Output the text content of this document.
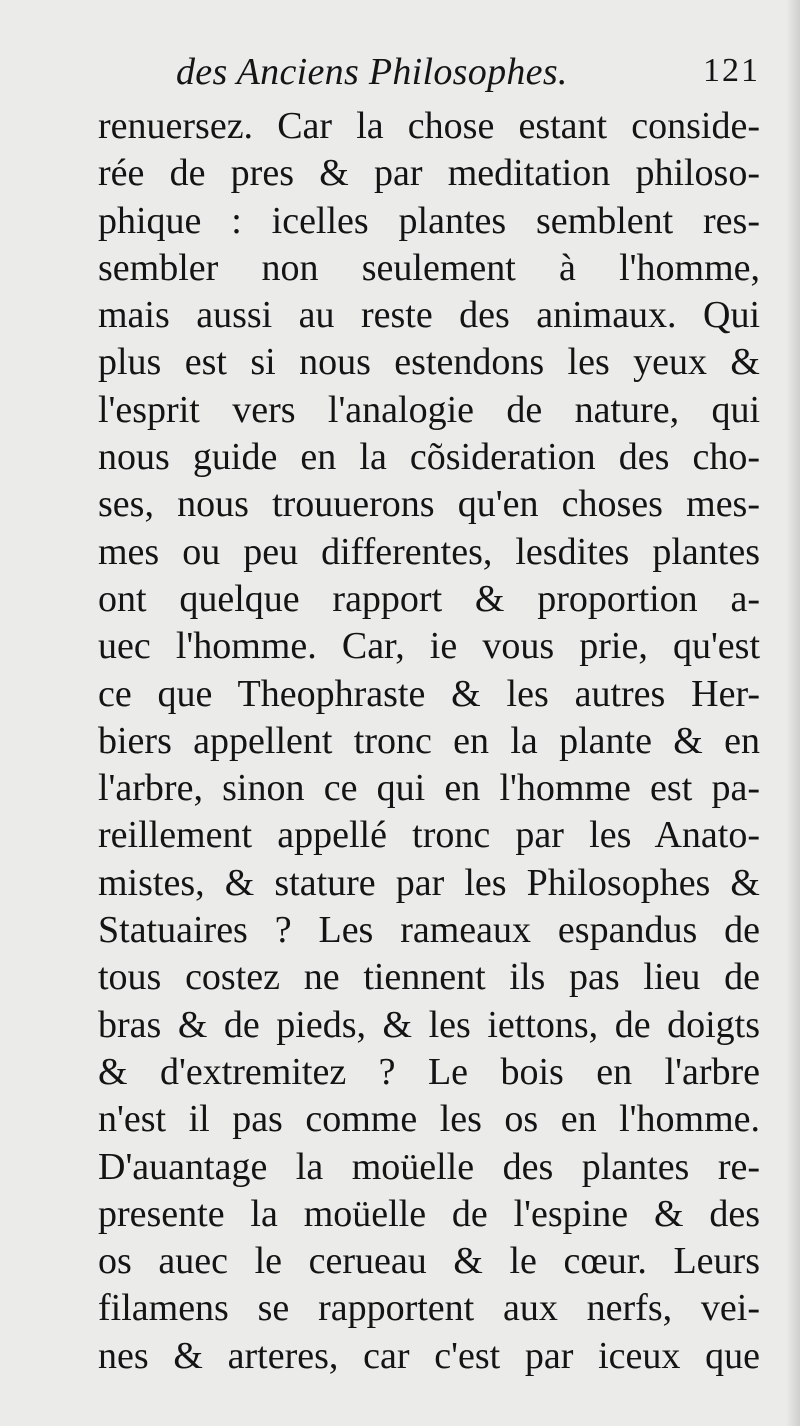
des Anciens Philosophes.	121
renuersez. Car la chose estant conside-
rée de pres & par meditation philoso-
phique : icelles plantes semblent res-
sembler non seulement à l'homme,
mais aussi au reste des animaux. Qui
plus est si nous estendons les yeux &
l'esprit vers l'analogie de nature, qui
nous guide en la cõsideration des cho-
ses, nous trouuerons qu'en choses mes-
mes ou peu differentes, lesdites plantes
ont quelque rapport & proportion a-
uec l'homme. Car, ie vous prie, qu'est
ce que Theophraste & les autres Her-
biers appellent tronc en la plante & en
l'arbre, sinon ce qui en l'homme est pa-
reillement appellé tronc par les Anato-
mistes, & stature par les Philosophes &
Statuaires ? Les rameaux espandus de
tous costez ne tiennent ils pas lieu de
bras & de pieds, & les iettons, de doigts
& d'extremitez ? Le bois en l'arbre
n'est il pas comme les os en l'homme.
D'auantage la moüelle des plantes re-
presente la moüelle de l'espine & des
os auec le cerueau & le cœur. Leurs
filamens se rapportent aux nerfs, vei-
nes & arteres, car c'est par iceux que
